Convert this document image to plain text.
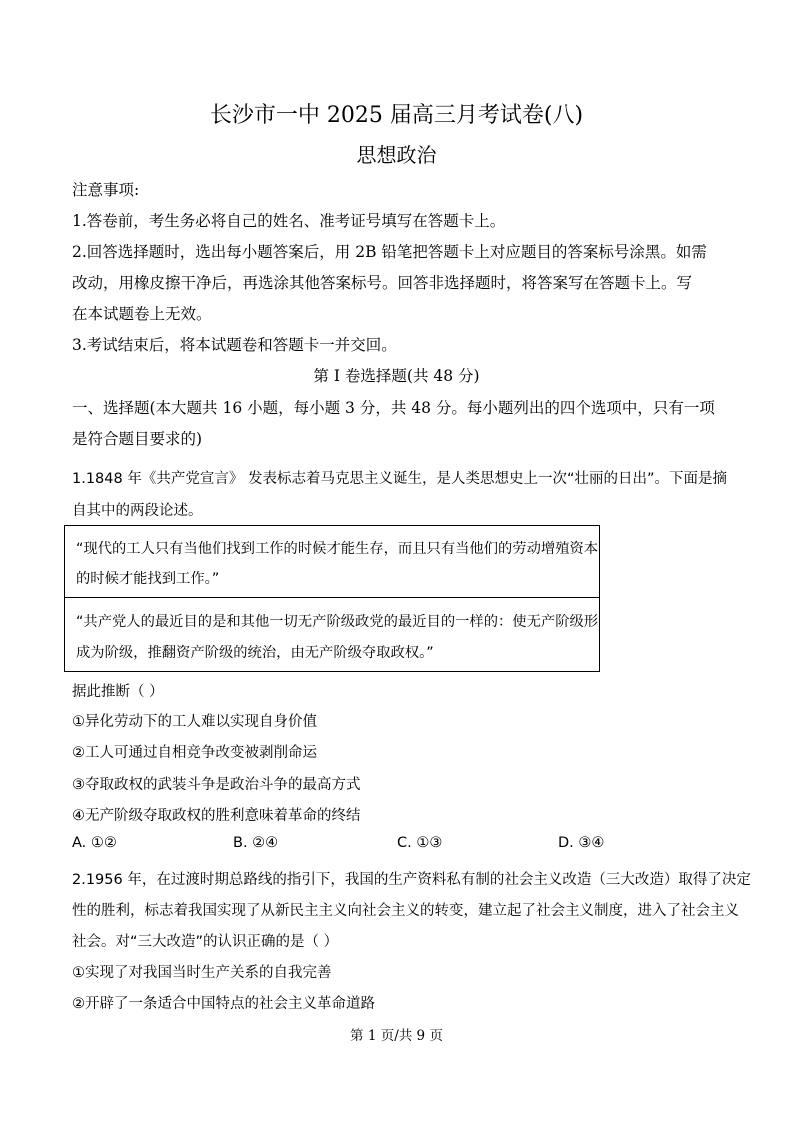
长沙市一中 2025 届高三月考试卷(八)
思想政治
注意事项:
1.答卷前，考生务必将自己的姓名、准考证号填写在答题卡上。
2.回答选择题时，选出每小题答案后，用 2B 铅笔把答题卡上对应题目的答案标号涂黑。如需
改动，用橡皮擦干净后，再选涂其他答案标号。回答非选择题时，将答案写在答题卡上。写
在本试题卷上无效。
3.考试结束后，将本试题卷和答题卡一并交回。
第 I 卷选择题(共 48 分)
一、选择题(本大题共 16 小题，每小题 3 分，共 48 分。每小题列出的四个选项中，只有一项
是符合题目要求的)
1.1848 年《共产党宣言》 发表标志着马克思主义诞生，是人类思想史上一次“壮丽的日出”。下面是摘
自其中的两段论述。
“现代的工人只有当他们找到工作的时候才能生存，而且只有当他们的劳动增殖资本
的时候才能找到工作。”
“共产党人的最近目的是和其他一切无产阶级政党的最近目的一样的：使无产阶级形
成为阶级，推翻资产阶级的统治，由无产阶级夺取政权。”
据此推断（ ）
①异化劳动下的工人难以实现自身价值
②工人可通过自相竞争改变被剥削命运
③夺取政权的武装斗争是政治斗争的最高方式
④无产阶级夺取政权的胜利意味着革命的终结
A. ①②	B. ②④	C. ①③	D. ③④
2.1956 年，在过渡时期总路线的指引下，我国的生产资料私有制的社会主义改造（三大改造）取得了决定
性的胜利，标志着我国实现了从新民主主义向社会主义的转变，建立起了社会主义制度，进入了社会主义
社会。对“三大改造”的认识正确的是（ ）
①实现了对我国当时生产关系的自我完善
②开辟了一条适合中国特点的社会主义革命道路
第 1 页/共 9 页
